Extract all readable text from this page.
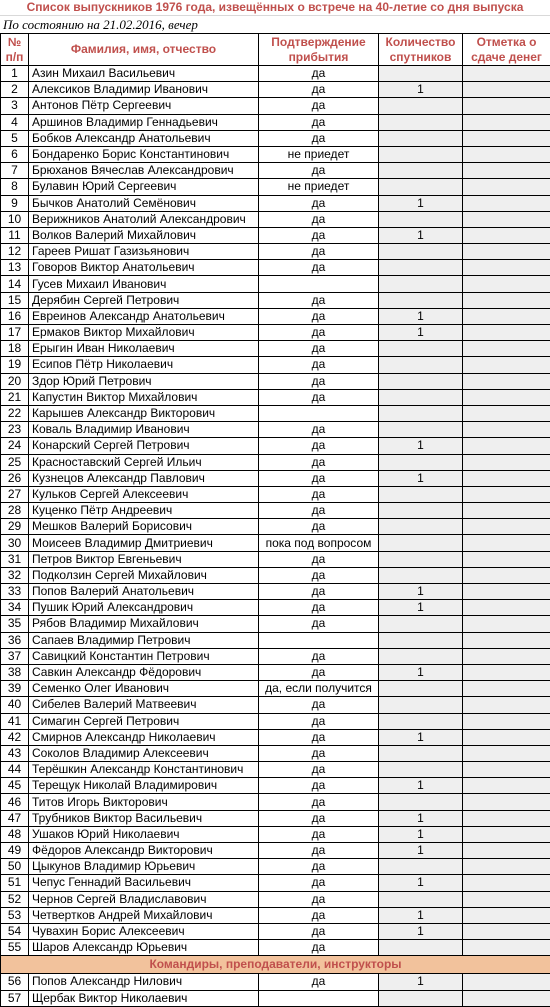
Список выпускников 1976 года, извещённых о встрече на 40-летие со дня выпуска
По состоянию на 21.02.2016, вечер
№ п/п	Фамилия, имя, отчество	Подтверждение прибытия	Количество спутников	Отметка о сдаче денег
1	Азин Михаил Васильевич	да		
2	Алексиков Владимир Иванович	да	1	
3	Антонов Пётр Сергеевич	да		
4	Аршинов Владимир Геннадьевич	да		
5	Бобков Александр Анатольевич	да		
6	Бондаренко Борис Константинович	не приедет		
7	Брюханов Вячеслав Александрович	да		
8	Булавин Юрий Сергеевич	не приедет		
9	Бычков Анатолий Семёнович	да	1	
10	Верижников Анатолий Александрович	да		
11	Волков Валерий Михайлович	да	1	
12	Гареев Ришат Газизьянович	да		
13	Говоров Виктор Анатольевич	да		
14	Гусев Михаил Иванович			
15	Дерябин Сергей Петрович	да		
16	Евреинов Александр Анатольевич	да	1	
17	Ермаков Виктор Михайлович	да	1	
18	Ерыгин Иван Николаевич	да		
19	Есипов Пётр Николаевич	да		
20	Здор Юрий Петрович	да		
21	Капустин Виктор Михайлович	да		
22	Карышев Александр Викторович			
23	Коваль Владимир Иванович	да		
24	Конарский Сергей Петрович	да	1	
25	Красноставский Сергей Ильич	да		
26	Кузнецов Александр Павлович	да	1	
27	Кульков Сергей Алексеевич	да		
28	Куценко Пётр Андреевич	да		
29	Мешков Валерий Борисович	да		
30	Моисеев Владимир Дмитриевич	пока под вопросом		
31	Петров Виктор Евгеньевич	да		
32	Подколзин Сергей Михайлович	да		
33	Попов Валерий Анатольевич	да	1	
34	Пушик Юрий Александрович	да	1	
35	Рябов Владимир Михайлович	да		
36	Сапаев Владимир Петрович			
37	Савицкий Константин Петрович	да		
38	Савкин Александр Фёдорович	да	1	
39	Семенко Олег Иванович	да, если получится		
40	Сибелев Валерий Матвеевич	да		
41	Симагин Сергей Петрович	да		
42	Смирнов Александр Николаевич	да	1	
43	Соколов Владимир Алексеевич	да		
44	Терёшкин Александр Константинович	да		
45	Терещук Николай Владимирович	да	1	
46	Титов Игорь Викторович	да		
47	Трубников Виктор Васильевич	да	1	
48	Ушаков Юрий Николаевич	да	1	
49	Фёдоров Александр Викторович	да	1	
50	Цыкунов Владимир Юрьевич	да		
51	Чепус Геннадий Васильевич	да	1	
52	Чернов Сергей Владиславович	да		
53	Четвертков Андрей Михайлович	да	1	
54	Чувахин Борис Алексеевич	да	1	
55	Шаров Александр Юрьевич	да		
Командиры, преподаватели, инструкторы				
56	Попов Александр Нилович	да	1	
57	Щербак Виктор Николаевич			
